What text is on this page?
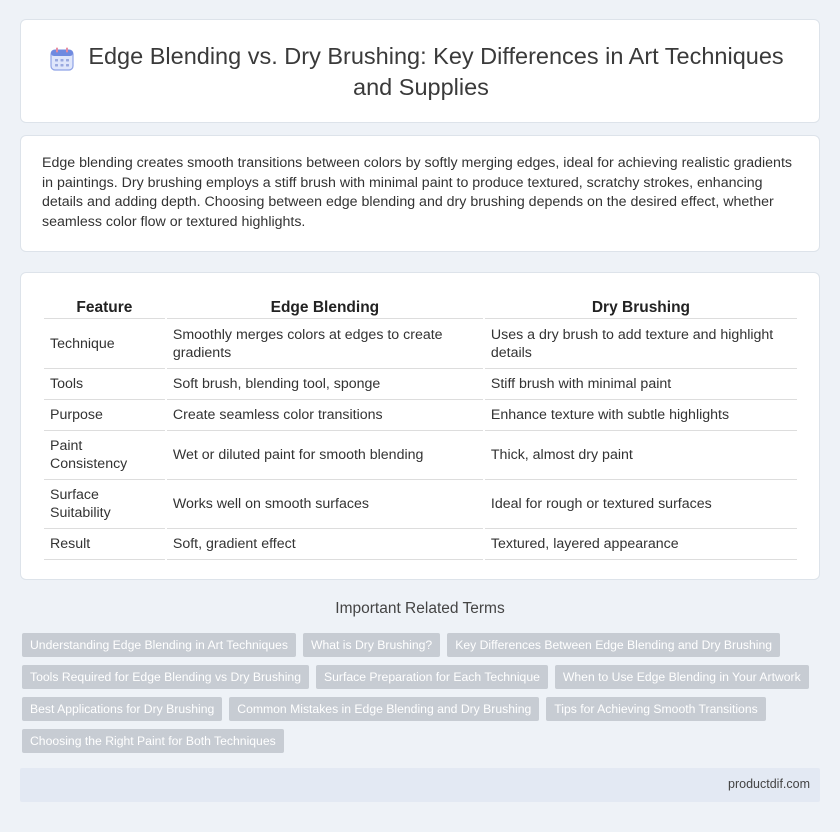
Edge Blending vs. Dry Brushing: Key Differences in Art Techniques and Supplies

Edge blending creates smooth transitions between colors by softly merging edges, ideal for achieving realistic gradients in paintings. Dry brushing employs a stiff brush with minimal paint to produce textured, scratchy strokes, enhancing details and adding depth. Choosing between edge blending and dry brushing depends on the desired effect, whether seamless color flow or textured highlights.

Feature	Edge Blending	Dry Brushing
Technique	Smoothly merges colors at edges to create gradients	Uses a dry brush to add texture and highlight details
Tools	Soft brush, blending tool, sponge	Stiff brush with minimal paint
Purpose	Create seamless color transitions	Enhance texture with subtle highlights
Paint Consistency	Wet or diluted paint for smooth blending	Thick, almost dry paint
Surface Suitability	Works well on smooth surfaces	Ideal for rough or textured surfaces
Result	Soft, gradient effect	Textured, layered appearance
Important Related Terms
Understanding Edge Blending in Art Techniques	What is Dry Brushing?	Key Differences Between Edge Blending and Dry Brushing
Tools Required for Edge Blending vs Dry Brushing	Surface Preparation for Each Technique	When to Use Edge Blending in Your Artwork
Best Applications for Dry Brushing	Common Mistakes in Edge Blending and Dry Brushing	Tips for Achieving Smooth Transitions
Choosing the Right Paint for Both Techniques
productdif.com
